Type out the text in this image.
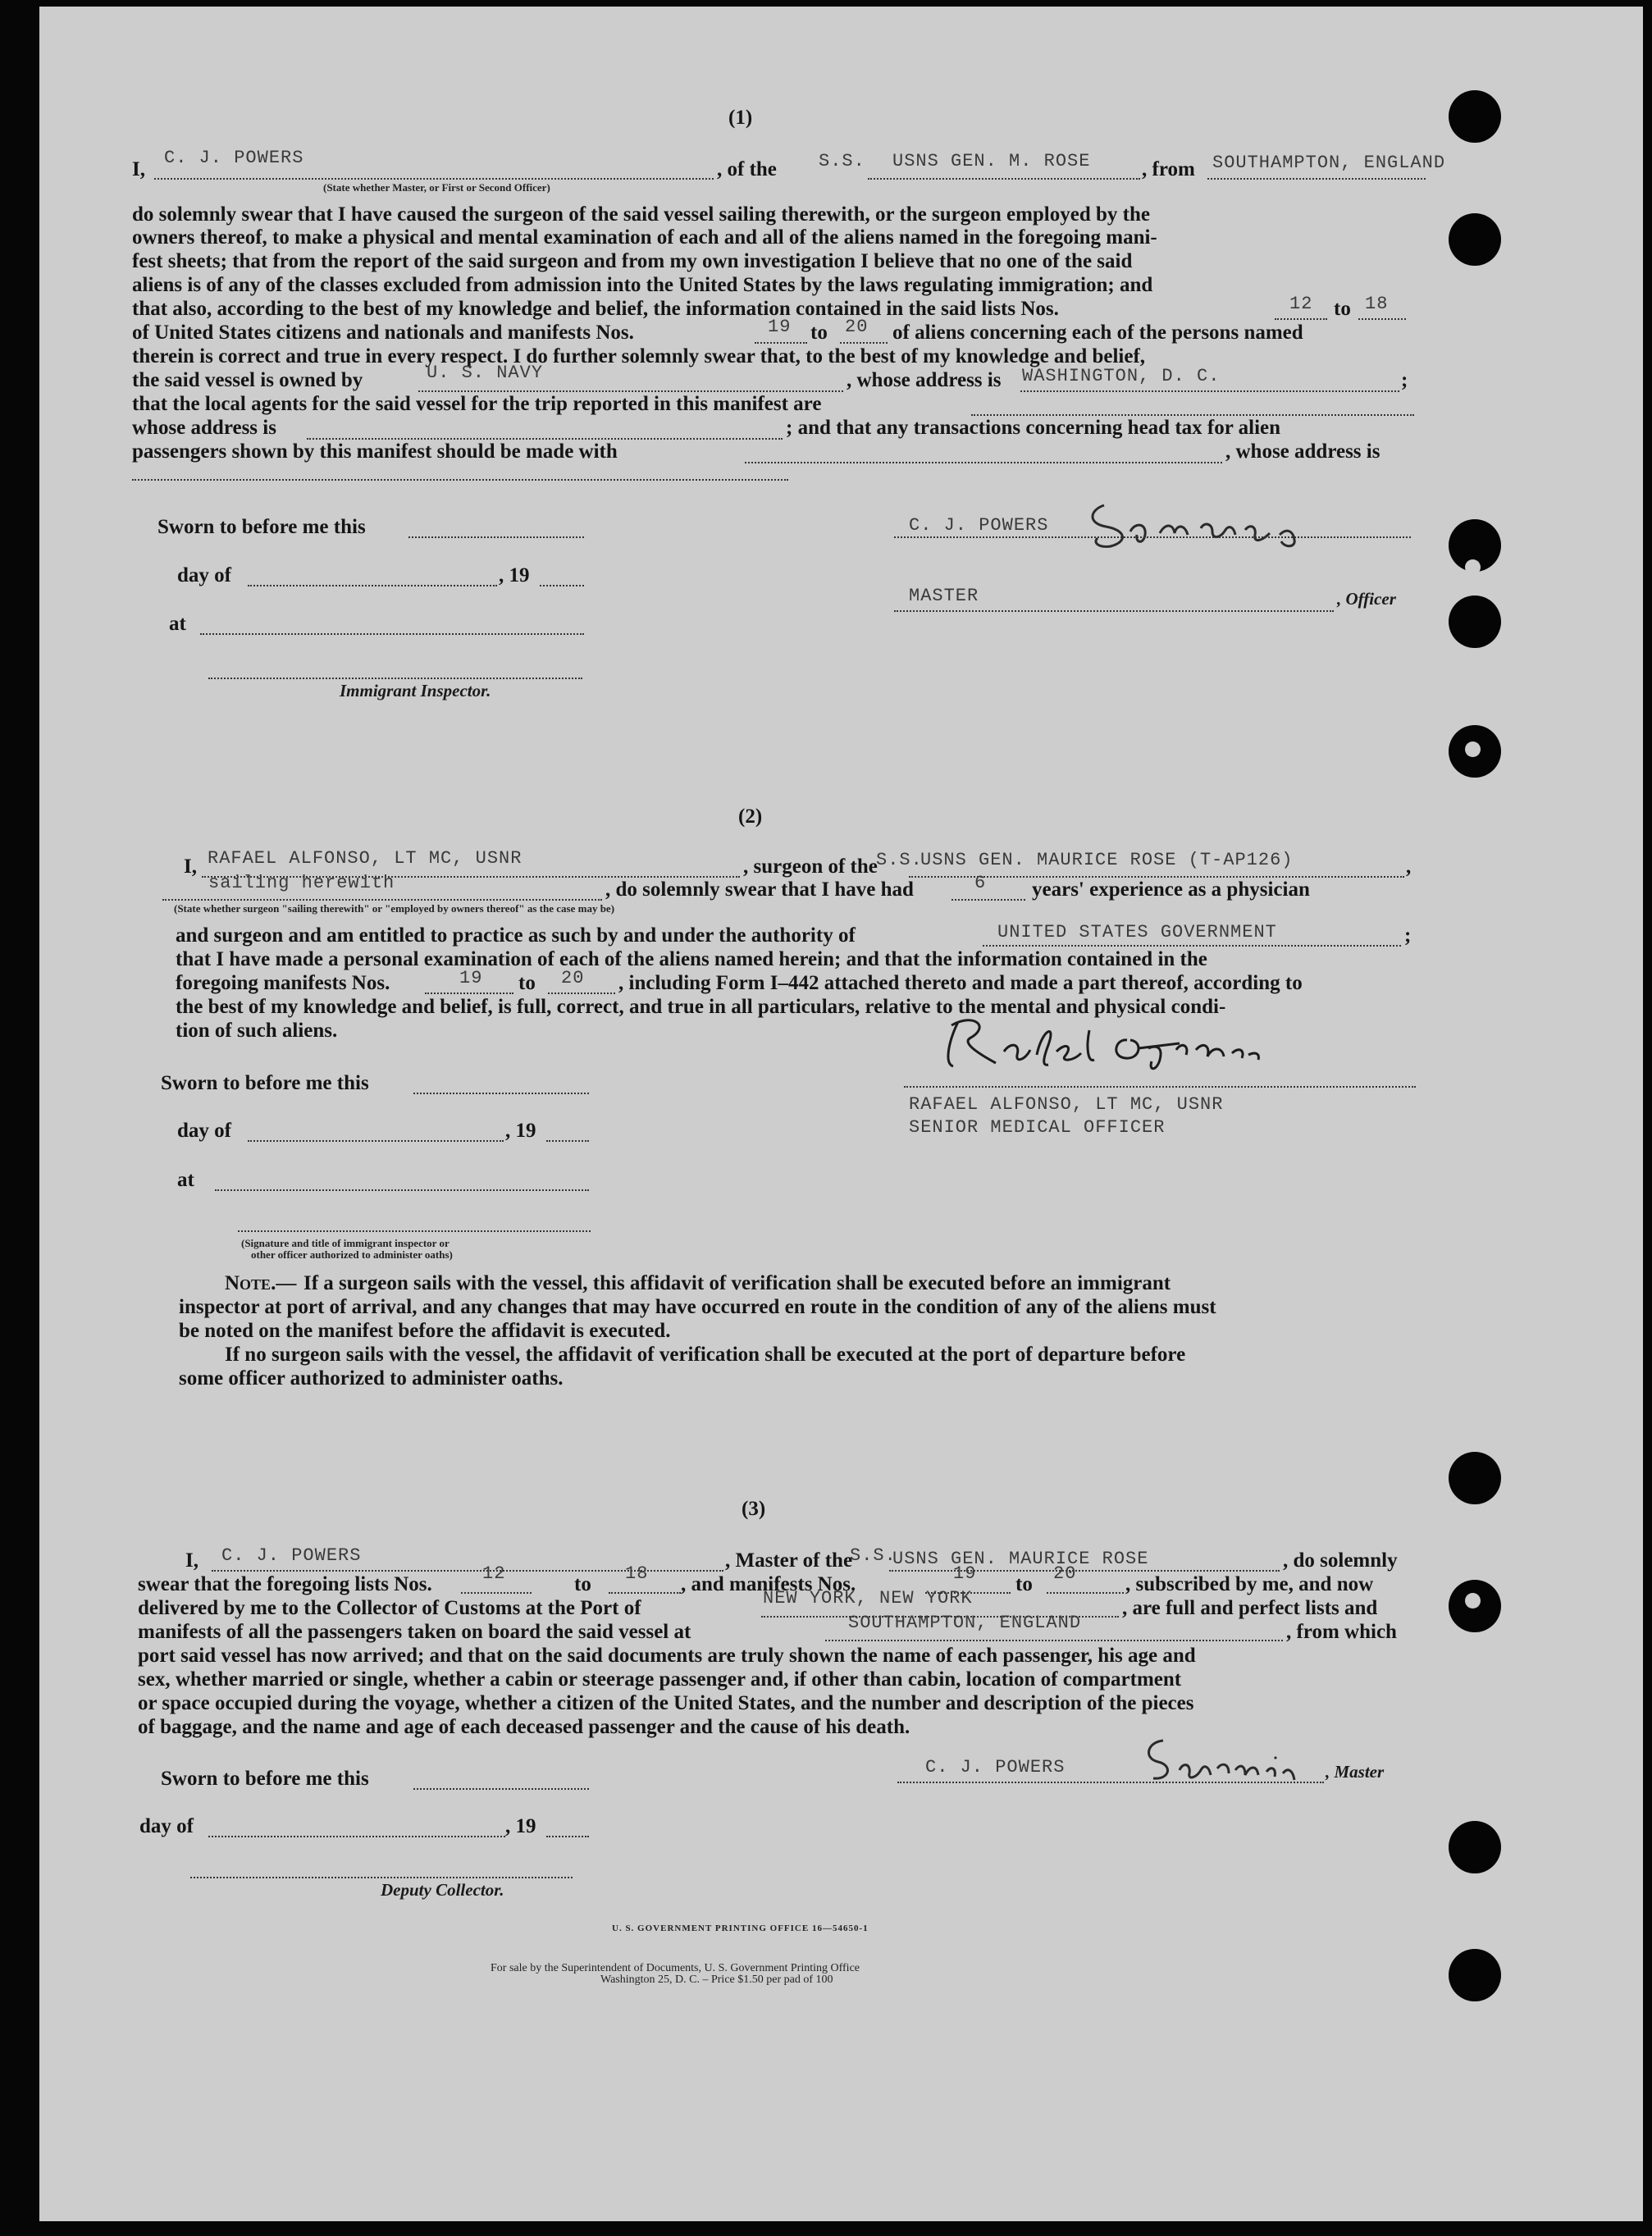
(1)
I,
C. J. POWERS
, of the S.S. USNS GEN. M. ROSE	, from SOUTHAMPTON, ENGLAND
(State whether Master, or First or Second Officer)
do solemnly swear that I have caused the surgeon of the said vessel sailing therewith, or the surgeon employed by the
owners thereof, to make a physical and mental examination of each and all of the aliens named in the foregoing mani-
fest sheets; that from the report of the said surgeon and from my own investigation I believe that no one of the said
aliens is of any of the classes excluded from admission into the United States by the laws regulating immigration; and
that also, according to the best of my knowledge and belief, the information contained in the said lists Nos.	12 to 18
of United States citizens and nationals and manifests Nos.	19 to 20 of aliens concerning each of the persons named
therein is correct and true in every respect. I do further solemnly swear that, to the best of my knowledge and belief,
the said vessel is owned by	U. S. NAVY	, whose address is WASHINGTON, D. C.	;
that the local agents for the said vessel for the trip reported in this manifest are
whose address is	; and that any transactions concerning head tax for alien
passengers shown by this manifest should be made with	, whose address is
Sworn to before me this
day of	, 19
at
Immigrant Inspector.
C. J. POWERS
MASTER	, Officer
(2)
I, RAFAEL ALFONSO, LT MC, USNR	, surgeon of the
S.S.
USNS GEN. MAURICE ROSE (T-AP126)	,
sailing herewith	, do solemnly swear that I have had	6 years' experience as a physician
(State whether surgeon "sailing therewith" or "employed by owners thereof" as the case may be)
and surgeon and am entitled to practice as such by and under the authority of	UNITED STATES GOVERNMENT	;
that I have made a personal examination of each of the aliens named herein; and that the information contained in the
foregoing manifests Nos.	19 to 20 , including Form I–442 attached thereto and made a part thereof, according to
the best of my knowledge and belief, is full, correct, and true in all particulars, relative to the mental and physical condi-
tion of such aliens.
RAFAEL ALFONSO, LT MC, USNR
SENIOR MEDICAL OFFICER
Sworn to before me this
day of	, 19
at
(Signature and title of immigrant inspector or
other officer authorized to administer oaths)
Note.— If a surgeon sails with the vessel, this affidavit of verification shall be executed before an immigrant
inspector at port of arrival, and any changes that may have occurred en route in the condition of any of the aliens must
be noted on the manifest before the affidavit is executed.
If no surgeon sails with the vessel, the affidavit of verification shall be executed at the port of departure before
some officer authorized to administer oaths.
(3)
I, C. J. POWERS	, Master of the
S.S.
USNS GEN. MAURICE ROSE	, do solemnly
swear that the foregoing lists Nos.	12	to 18 , and manifests Nos.	19 to 20 , subscribed by me, and now
delivered by me to the Collector of Customs at the Port of	NEW YORK, NEW YORK	, are full and perfect lists and
manifests of all the passengers taken on board the said vessel at	SOUTHAMPTON, ENGLAND	, from which
port said vessel has now arrived; and that on the said documents are truly shown the name of each passenger, his age and
sex, whether married or single, whether a cabin or steerage passenger and, if other than cabin, location of compartment
or space occupied during the voyage, whether a citizen of the United States, and the number and description of the pieces
of baggage, and the name and age of each deceased passenger and the cause of his death.
Sworn to before me this
day of	, 19
Deputy Collector.
C. J. POWERS	, Master
U. S. GOVERNMENT PRINTING OFFICE 16—54650-1
For sale by the Superintendent of Documents, U. S. Government Printing Office
Washington 25, D. C. – Price $1.50 per pad of 100
